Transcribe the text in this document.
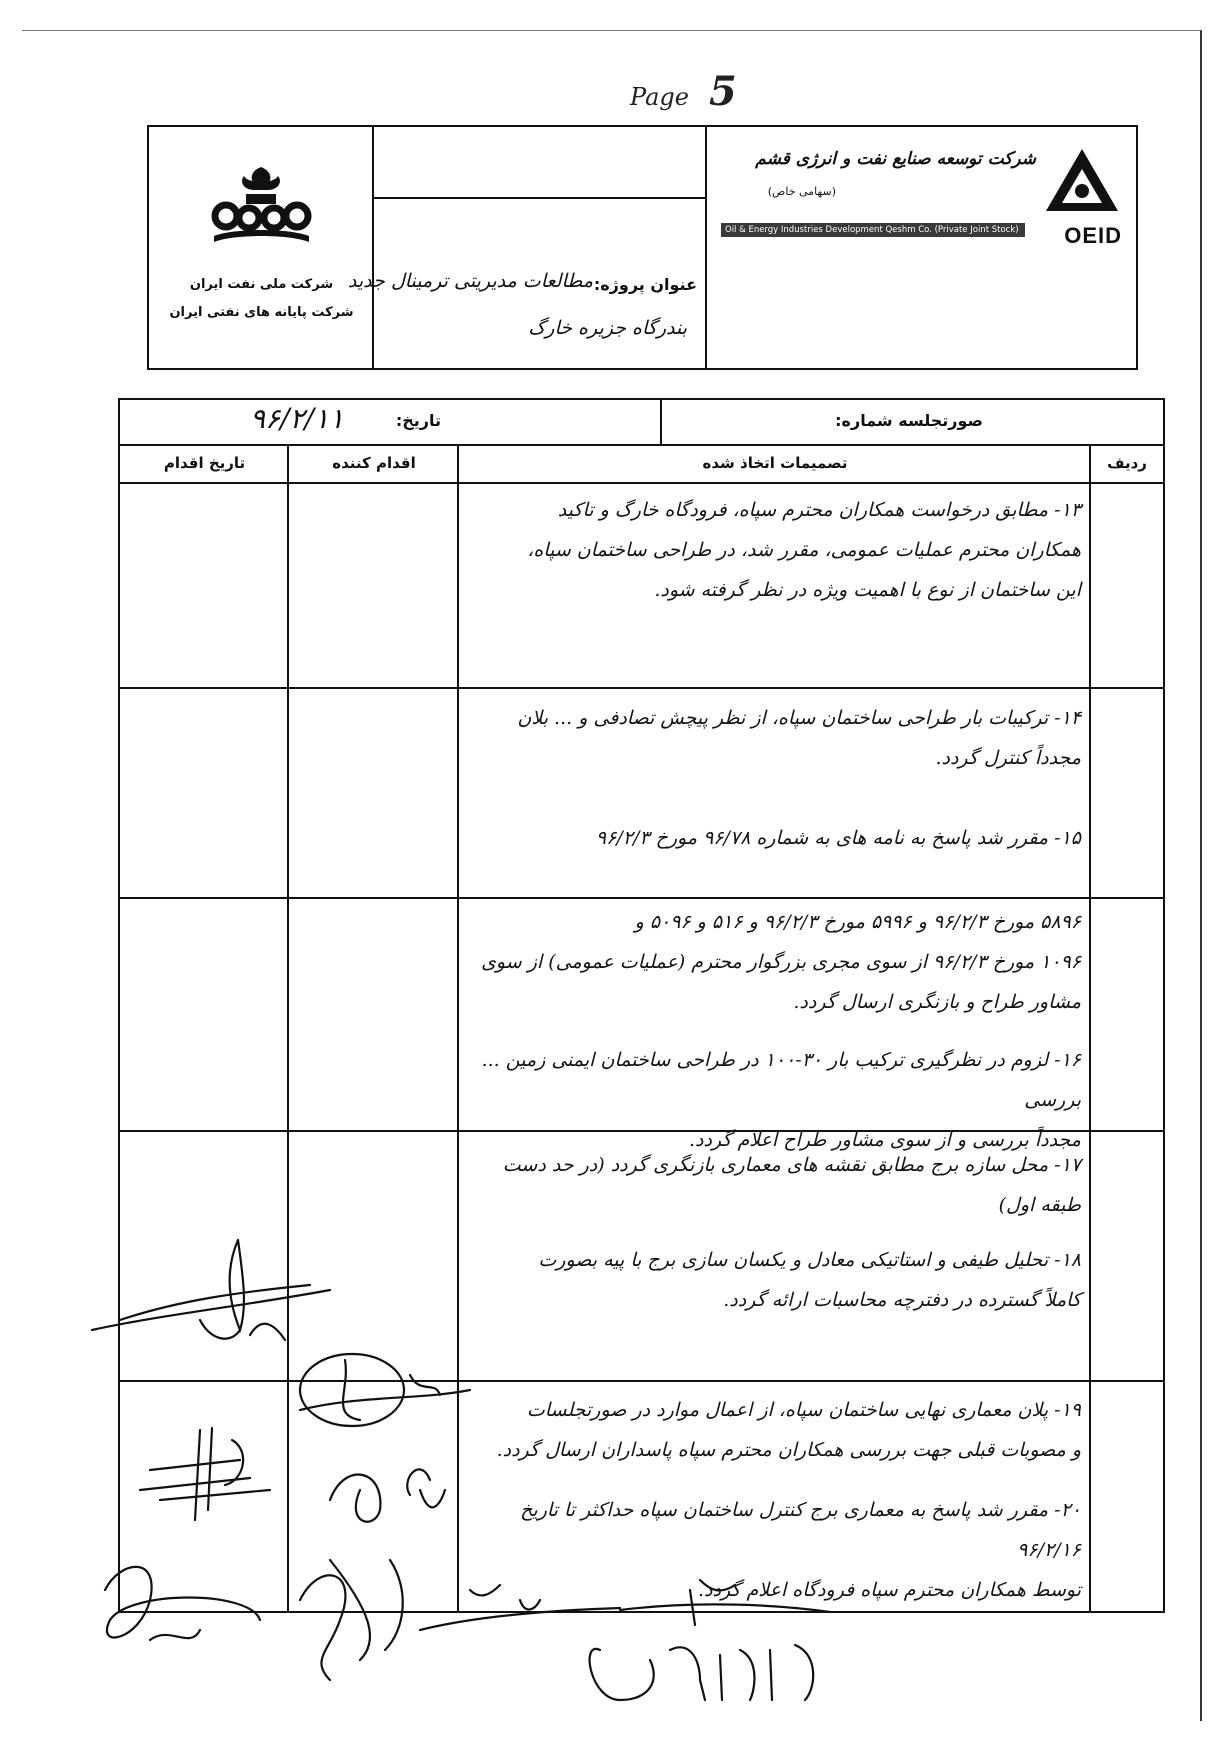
Page 5
شرکت ملی نفت ایران
شرکت پایانه های نفتی ایران
عنوان پروژه:
مطالعات مدیریتی ترمینال جدید
بندرگاه جزیره خارگ
شرکت توسعه صنایع نفت و انرژی قشم
(سهامی خاص)
Oil & Energy Industries Development Qeshm Co. (Private Joint Stock) OEID
صورتجلسه شماره:
تاریخ:
۹۶/۲/۱۱
ردیف
تصمیمات اتخاذ شده
اقدام کننده
تاریخ اقدام
۱۳- مطابق درخواست همکاران محترم سپاه، فرودگاه خارگ و تاکید
همکاران محترم عملیات عمومی، مقرر شد، در طراحی ساختمان سپاه،
این ساختمان از نوع با اهمیت ویژه در نظر گرفته شود.
۱۴- ترکیبات بار طراحی ساختمان سپاه، از نظر پیچش تصادفی و ... بلان
مجدداً کنترل گردد.
۱۵- مقرر شد پاسخ به نامه های به شماره ۹۶/۷۸ مورخ ۹۶/۲/۳
۵۸۹۶ مورخ ۹۶/۲/۳ و ۵۹۹۶ مورخ ۹۶/۲/۳ و ۵۱۶ و ۵۰۹۶ و
۱۰۹۶ مورخ ۹۶/۲/۳ از سوی مجری بزرگوار محترم (عملیات عمومی) از سوی
مشاور طراح و بازنگری ارسال گردد.
۱۶- لزوم در نظرگیری ترکیب بار ۳۰-۱۰۰ در طراحی ساختمان ایمنی زمین ... بررسی
مجدداً بررسی و از سوی مشاور طراح اعلام گردد.
۱۷- محل سازه برج مطابق نقشه های معماری بازنگری گردد (در حد دست
طبقه اول)
۱۸- تحلیل طیفی و استاتیکی معادل و یکسان سازی برج با پیه بصورت
کاملاً گسترده در دفترچه محاسبات ارائه گردد.
۱۹- پلان معماری نهایی ساختمان سپاه، از اعمال موارد در صورتجلسات
و مصوبات قبلی جهت بررسی همکاران محترم سپاه پاسداران ارسال گردد.
۲۰- مقرر شد پاسخ به معماری برج کنترل ساختمان سپاه حداکثر تا تاریخ ۹۶/۲/۱۶
توسط همکاران محترم سپاه فرودگاه اعلام گردد.
